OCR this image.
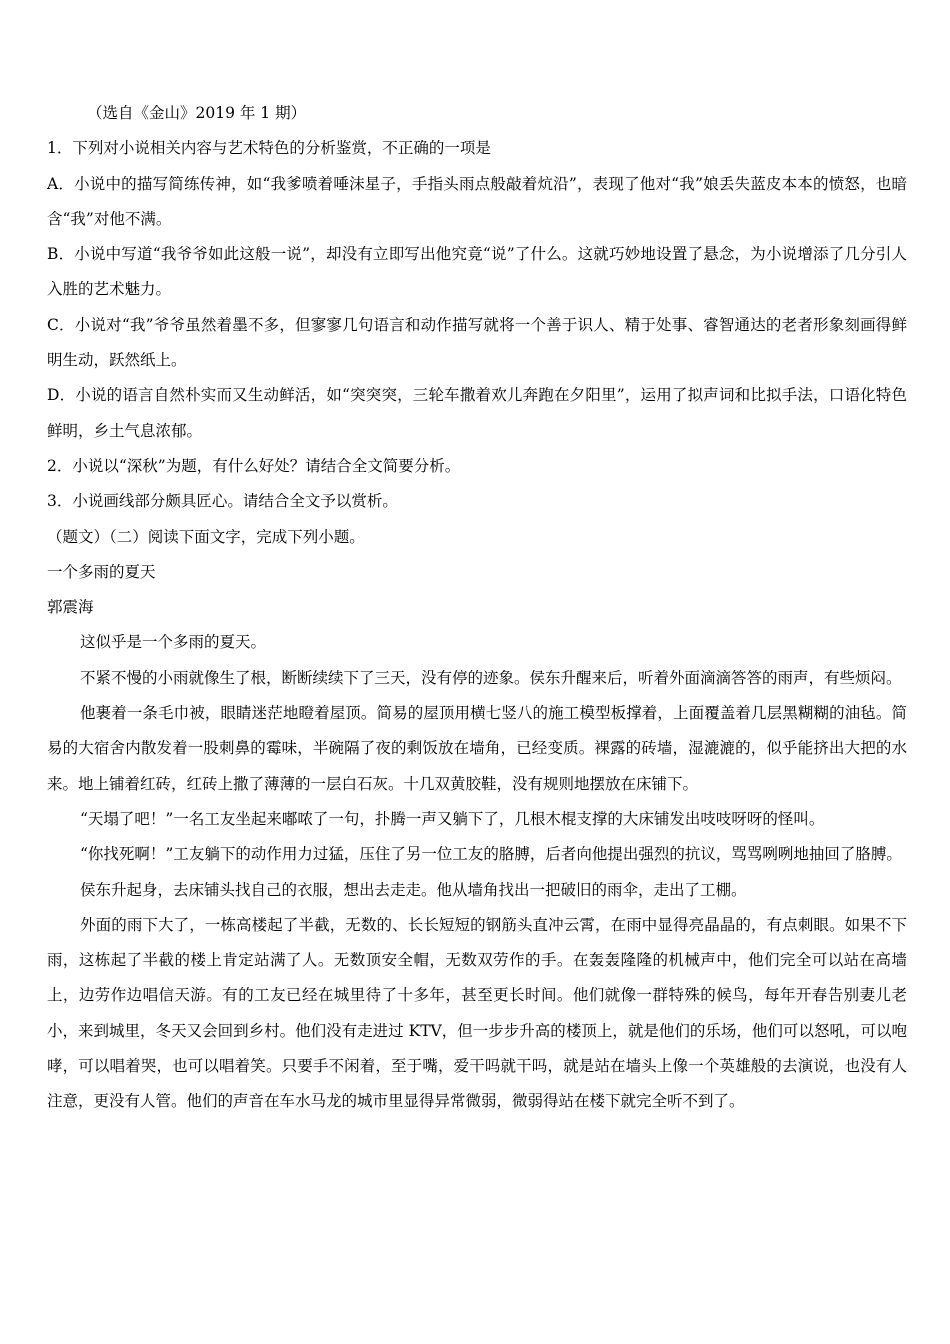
（选自《金山》2019 年 1 期）

1．下列对小说相关内容与艺术特色的分析鉴赏，不正确的一项是

A．小说中的描写简练传神，如“我爹喷着唾沫星子，手指头雨点般敲着炕沿”，表现了他对“我”娘丢失蓝皮本本的愤怒，也暗含“我”对他不满。

B．小说中写道“我爷爷如此这般一说”，却没有立即写出他究竟“说”了什么。这就巧妙地设置了悬念，为小说增添了几分引人入胜的艺术魅力。

C．小说对“我”爷爷虽然着墨不多，但寥寥几句语言和动作描写就将一个善于识人、精于处事、睿智通达的老者形象刻画得鲜明生动，跃然纸上。

D．小说的语言自然朴实而又生动鲜活，如“突突突，三轮车撒着欢儿奔跑在夕阳里”，运用了拟声词和比拟手法，口语化特色鲜明，乡土气息浓郁。

2．小说以“深秋”为题，有什么好处？请结合全文简要分析。

3．小说画线部分颇具匠心。请结合全文予以赏析。

（题文）（二）阅读下面文字，完成下列小题。

一个多雨的夏天

郭震海

这似乎是一个多雨的夏天。

不紧不慢的小雨就像生了根，断断续续下了三天，没有停的迹象。侯东升醒来后，听着外面滴滴答答的雨声，有些烦闷。

他裹着一条毛巾被，眼睛迷茫地瞪着屋顶。简易的屋顶用横七竖八的施工模型板撑着，上面覆盖着几层黑糊糊的油毡。简易的大宿舍内散发着一股刺鼻的霉味，半碗隔了夜的剩饭放在墙角，已经变质。裸露的砖墙，湿漉漉的，似乎能挤出大把的水来。地上铺着红砖，红砖上撒了薄薄的一层白石灰。十几双黄胶鞋，没有规则地摆放在床铺下。

“天塌了吧！”一名工友坐起来嘟哝了一句，扑腾一声又躺下了，几根木棍支撑的大床铺发出吱吱呀呀的怪叫。

“你找死啊！”工友躺下的动作用力过猛，压住了另一位工友的胳膊，后者向他提出强烈的抗议，骂骂咧咧地抽回了胳膊。

侯东升起身，去床铺头找自己的衣服，想出去走走。他从墙角找出一把破旧的雨伞，走出了工棚。

外面的雨下大了，一栋高楼起了半截，无数的、长长短短的钢筋头直冲云霄，在雨中显得亮晶晶的，有点刺眼。如果不下雨，这栋起了半截的楼上肯定站满了人。无数顶安全帽，无数双劳作的手。在轰轰隆隆的机械声中，他们完全可以站在高墙上，边劳作边唱信天游。有的工友已经在城里待了十多年，甚至更长时间。他们就像一群特殊的候鸟，每年开春告别妻儿老小，来到城里，冬天又会回到乡村。他们没有走进过 KTV，但一步步升高的楼顶上，就是他们的乐场，他们可以怒吼，可以咆哮，可以唱着哭，也可以唱着笑。只要手不闲着，至于嘴，爱干吗就干吗，就是站在墙头上像一个英雄般的去演说，也没有人注意，更没有人管。他们的声音在车水马龙的城市里显得异常微弱，微弱得站在楼下就完全听不到了。
